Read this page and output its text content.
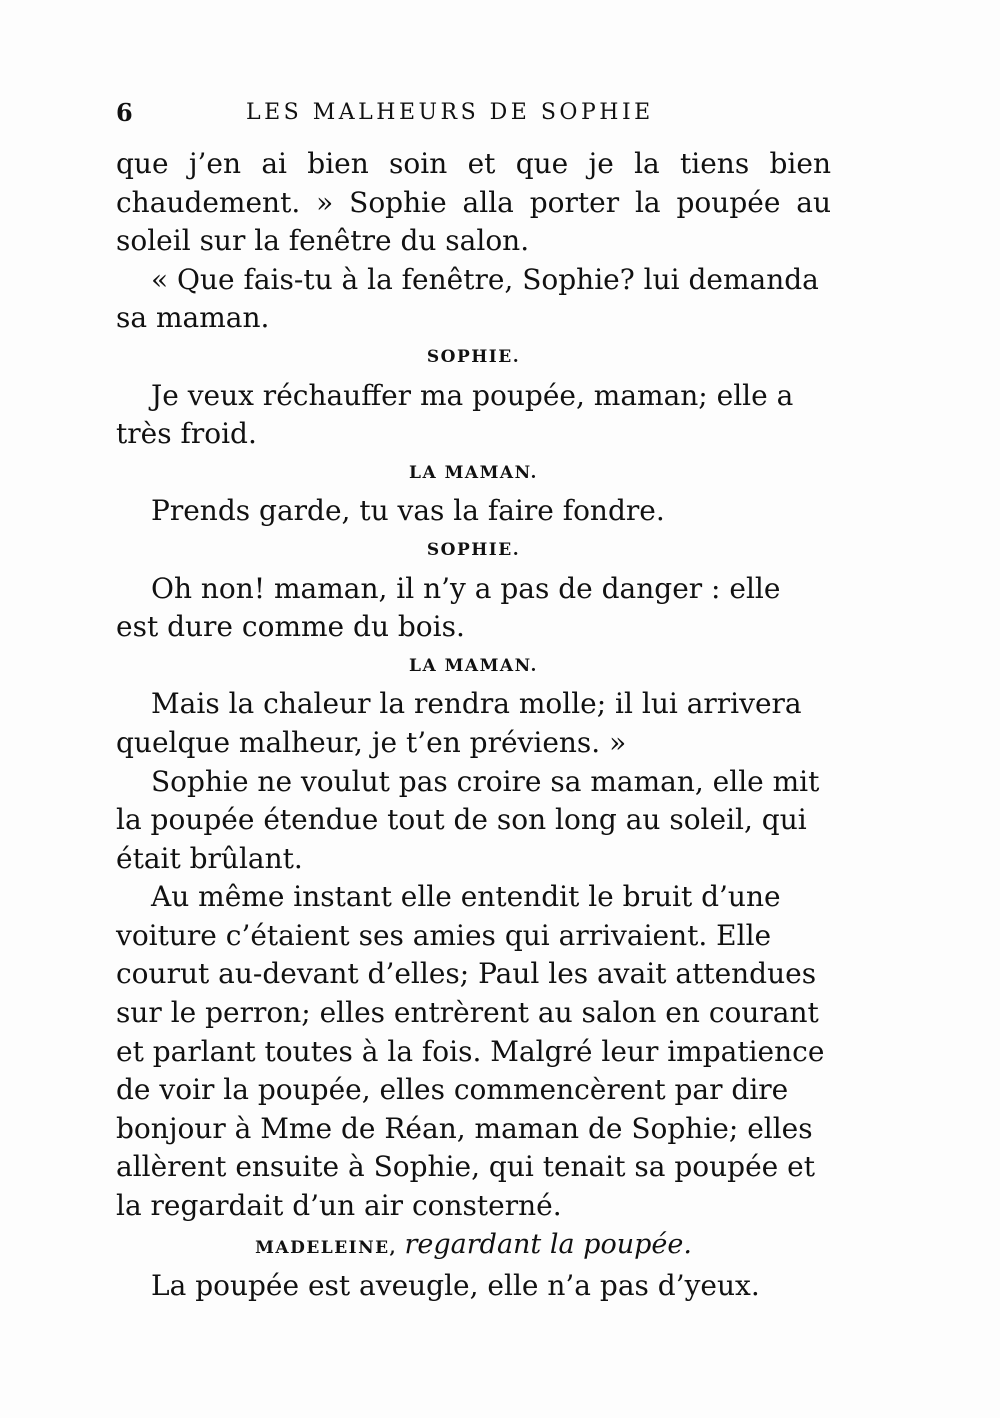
6	LES MALHEURS DE SOPHIE

que j’en ai bien soin et que je la tiens bien chaudement. » Sophie alla porter la poupée au soleil sur la fenêtre du salon.

« Que fais-tu à la fenêtre, Sophie? lui demanda sa maman.

SOPHIE.

Je veux réchauffer ma poupée, maman; elle a très froid.

LA MAMAN.

Prends garde, tu vas la faire fondre.

SOPHIE.

Oh non! maman, il n’y a pas de danger : elle est dure comme du bois.

LA MAMAN.

Mais la chaleur la rendra molle; il lui arrivera quelque malheur, je t’en préviens. »

Sophie ne voulut pas croire sa maman, elle mit la poupée étendue tout de son long au soleil, qui était brûlant.

Au même instant elle entendit le bruit d’une voiture c’étaient ses amies qui arrivaient. Elle courut au-devant d’elles; Paul les avait attendues sur le perron; elles entrèrent au salon en courant et parlant toutes à la fois. Malgré leur impatience de voir la poupée, elles commencèrent par dire bonjour à Mme de Réan, maman de Sophie; elles allèrent ensuite à Sophie, qui tenait sa poupée et la regardait d’un air consterné.

MADELEINE, regardant la poupée.

La poupée est aveugle, elle n’a pas d’yeux.
